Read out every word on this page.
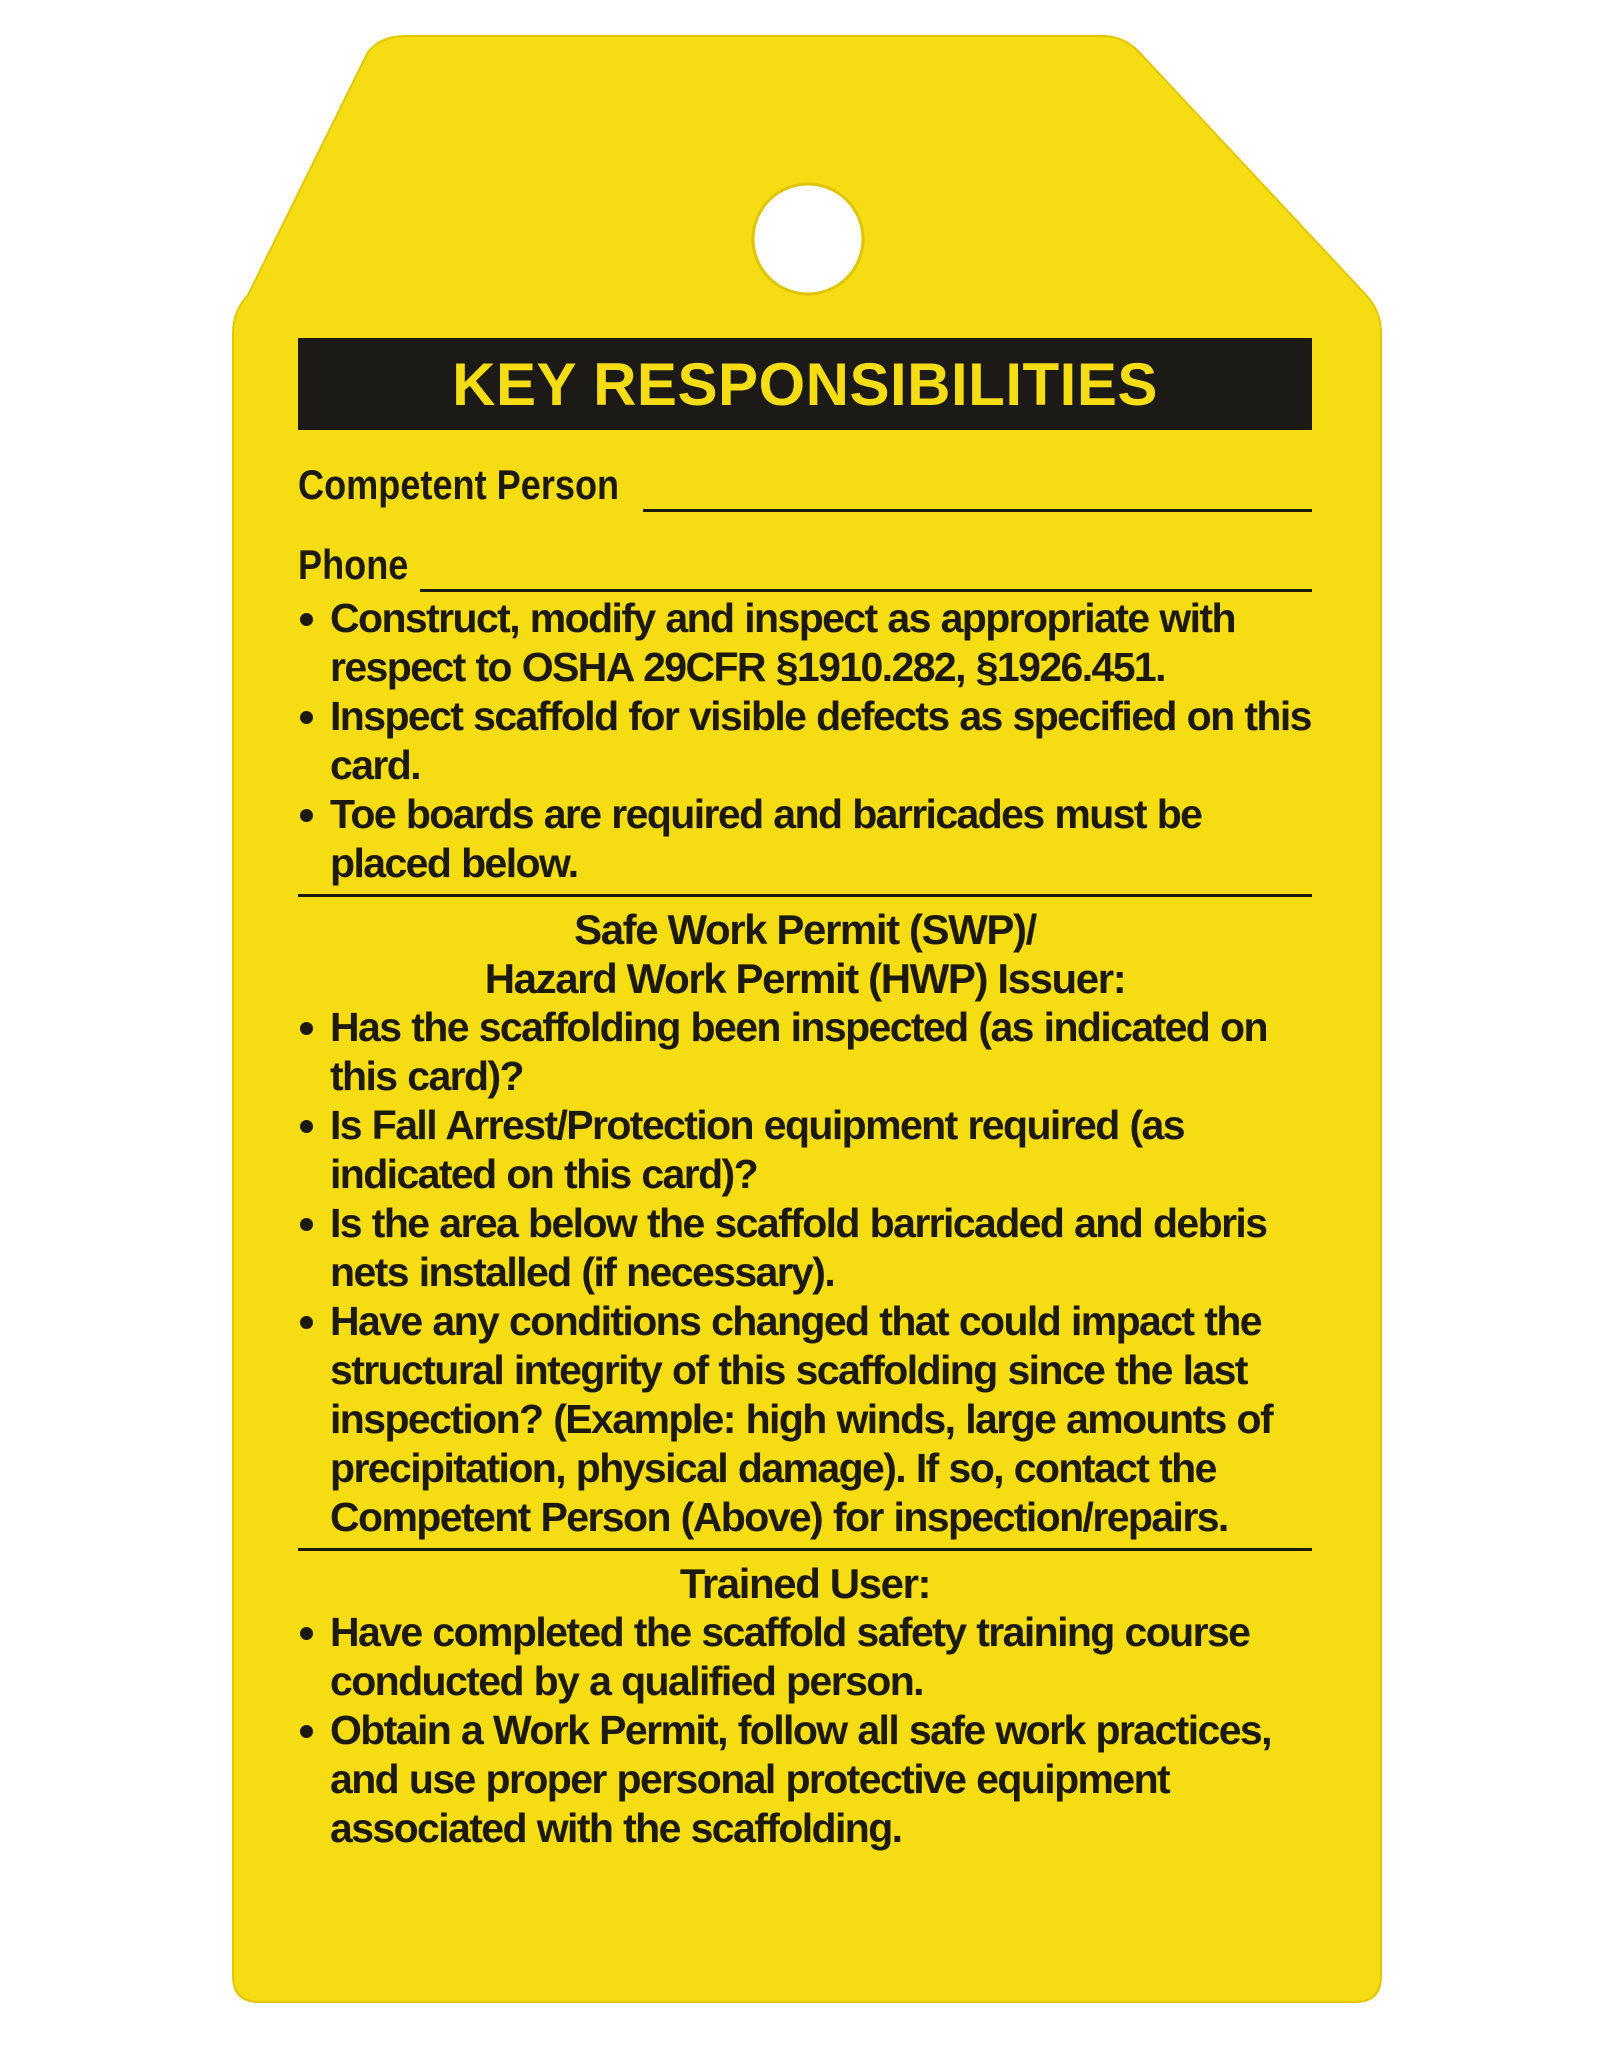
KEY RESPONSIBILITIES
Competent Person
Phone
Construct, modify and inspect as appropriate with respect to OSHA 29CFR §1910.282, §1926.451.
Inspect scaffold for visible defects as specified on this card.
Toe boards are required and barricades must be placed below.
Safe Work Permit (SWP)/
Hazard Work Permit (HWP) Issuer:
Has the scaffolding been inspected (as indicated on this card)?
Is Fall Arrest/Protection equipment required (as indicated on this card)?
Is the area below the scaffold barricaded and debris nets installed (if necessary).
Have any conditions changed that could impact the structural integrity of this scaffolding since the last inspection? (Example: high winds, large amounts of precipitation, physical damage). If so, contact the Competent Person (Above) for inspection/repairs.
Trained User:
Have completed the scaffold safety training course conducted by a qualified person.
Obtain a Work Permit, follow all safe work practices, and use proper personal protective equipment associated with the scaffolding.
